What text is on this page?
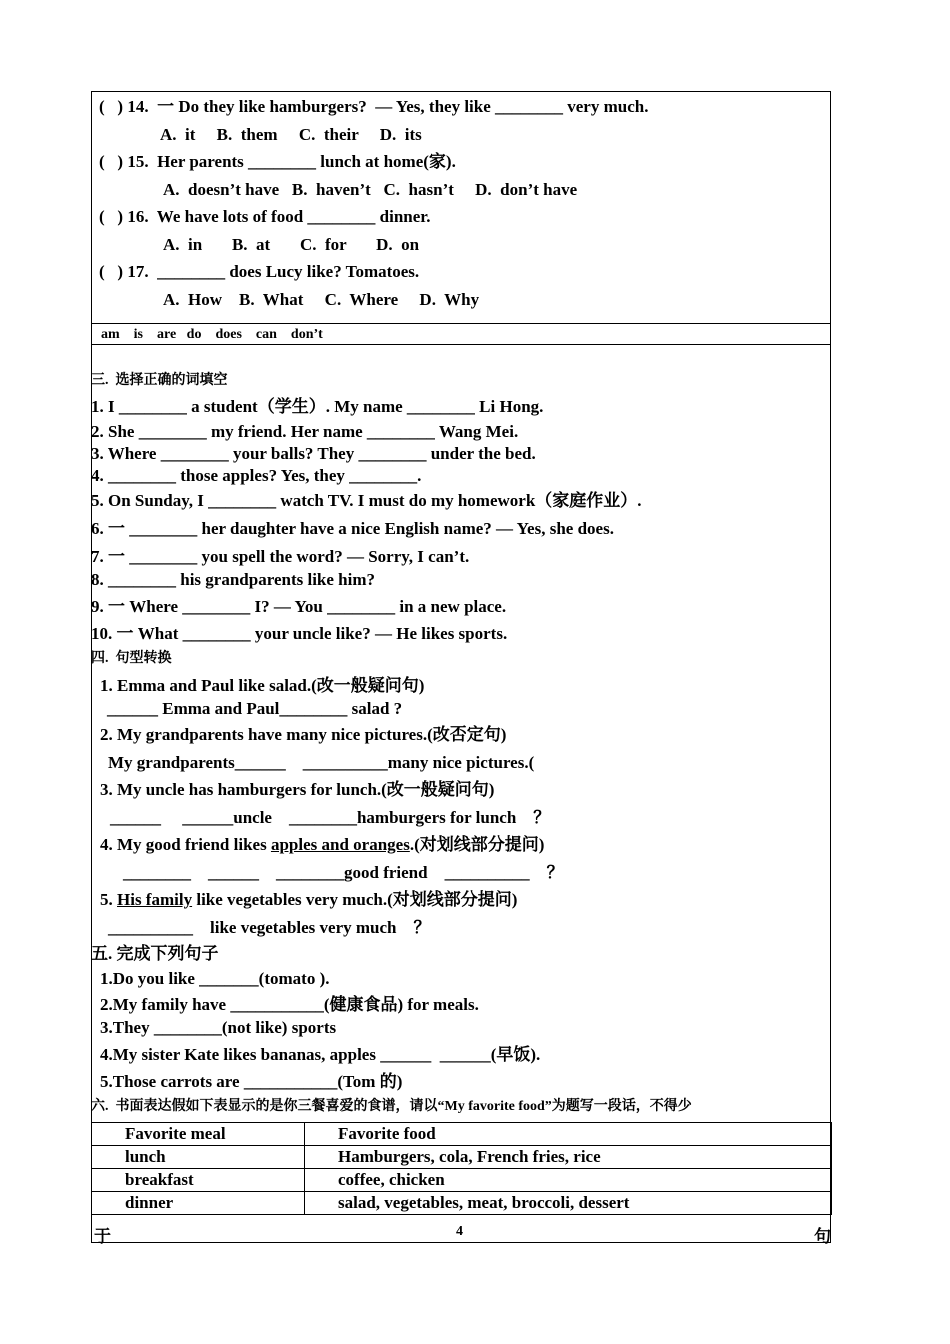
(   ) 14.  一 Do they like hamburgers?  — Yes, they like ________ very much.
A.  it     B.  them     C.  their     D.  its
(   ) 15.  Her parents ________ lunch at home(家).
A.  doesn’t have   B.  haven’t   C.  hasn’t     D.  don’t have
(   ) 16.  We have lots of food ________ dinner.
A.  in       B.  at       C.  for       D.  on
(   ) 17.  ________ does Lucy like? Tomatoes.
A.  How    B.  What     C.  Where     D.  Why
am    is    are   do    does    can    don’t
三.  选择正确的词填空
1. I ________ a student（学生）. My name ________ Li Hong.
2. She ________ my friend. Her name ________ Wang Mei.
3. Where ________ your balls? They ________ under the bed.
4. ________ those apples? Yes, they ________.
5. On Sunday, I ________ watch TV. I must do my homework（家庭作业）.
6. 一 ________ her daughter have a nice English name? — Yes, she does.
7. 一 ________ you spell the word? — Sorry, I can’t.
8. ________ his grandparents like him?
9. 一 Where ________ I? — You ________ in a new place.
10. 一 What ________ your uncle like? — He likes sports.
四.  句型转换
1. Emma and Paul like salad.(改一般疑问句)
______ Emma and Paul________ salad ?
2. My grandparents have many nice pictures.(改否定句)
My grandparents______    __________many nice pictures.(
3. My uncle has hamburgers for lunch.(改一般疑问句)
______     ______uncle    ________hamburgers for lunch    ？
4. My good friend likes apples and oranges.(对划线部分提问)
________    ______    ________good friend    __________    ？
5. His family like vegetables very much.(对划线部分提问)
__________    like vegetables very much    ？
五. 完成下列句子
1.Do you like _______(tomato ).
2.My family have ___________(健康食品) for meals.
3.They ________(not like) sports
4.My sister Kate likes bananas, apples ______  ______(早饭).
5.Those carrots are ___________(Tom 的)
六.  书面表达假如下表显示的是你三餐喜爱的食谱，请以“My favorite food”为题写一段话，不得少
Favorite meal	Favorite food
lunch	Hamburgers, cola, French fries, rice
breakfast	coffee, chicken
dinner	salad, vegetables, meat, broccoli, dessert
于	4	句
